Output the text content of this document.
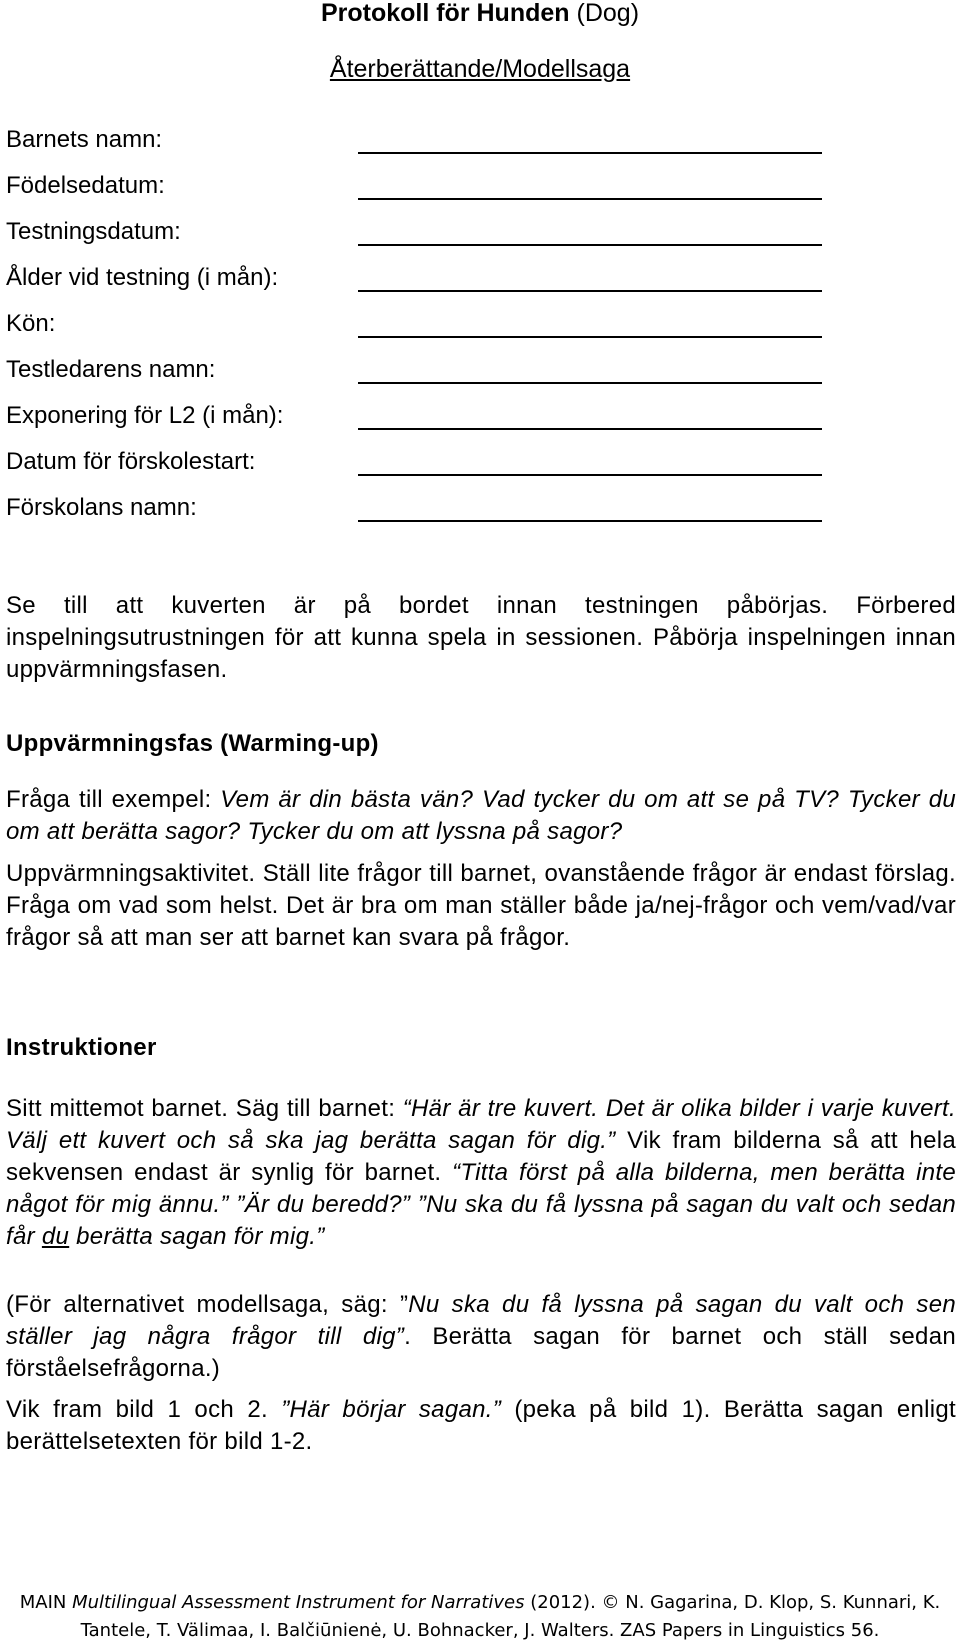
Protokoll för Hunden (Dog)
Återberättande/Modellsaga
Barnets namn:
Födelsedatum:
Testningsdatum:
Ålder vid testning (i mån):
Kön:
Testledarens namn:
Exponering för L2 (i mån):
Datum för förskolestart:
Förskolans namn:
Se till att kuverten är på bordet innan testningen påbörjas. Förbered inspelningsutrustningen för att kunna spela in sessionen. Påbörja inspelningen innan uppvärmningsfasen.
Uppvärmningsfas (Warming-up)
Fråga till exempel: Vem är din bästa vän? Vad tycker du om att se på TV? Tycker du om att berätta sagor? Tycker du om att lyssna på sagor?
Uppvärmningsaktivitet. Ställ lite frågor till barnet, ovanstående frågor är endast förslag. Fråga om vad som helst. Det är bra om man ställer både ja/nej-frågor och vem/vad/var frågor så att man ser att barnet kan svara på frågor.
Instruktioner
Sitt mittemot barnet. Säg till barnet: “Här är tre kuvert. Det är olika bilder i varje kuvert. Välj ett kuvert och så ska jag berätta sagan för dig.” Vik fram bilderna så att hela sekvensen endast är synlig för barnet. “Titta först på alla bilderna, men berätta inte något för mig ännu.” ”Är du beredd?” ”Nu ska du få lyssna på sagan du valt och sedan får du berätta sagan för mig.”
(För alternativet modellsaga, säg: ”Nu ska du få lyssna på sagan du valt och sen ställer jag några frågor till dig”. Berätta sagan för barnet och ställ sedan förståelsefrågorna.)
Vik fram bild 1 och 2. ”Här börjar sagan.” (peka på bild 1). Berätta sagan enligt berättelsetexten för bild 1-2.
MAIN Multilingual Assessment Instrument for Narratives (2012). © N. Gagarina, D. Klop, S. Kunnari, K.
Tantele, T. Välimaa, I. Balčiūnienė, U. Bohnacker, J. Walters. ZAS Papers in Linguistics 56.
